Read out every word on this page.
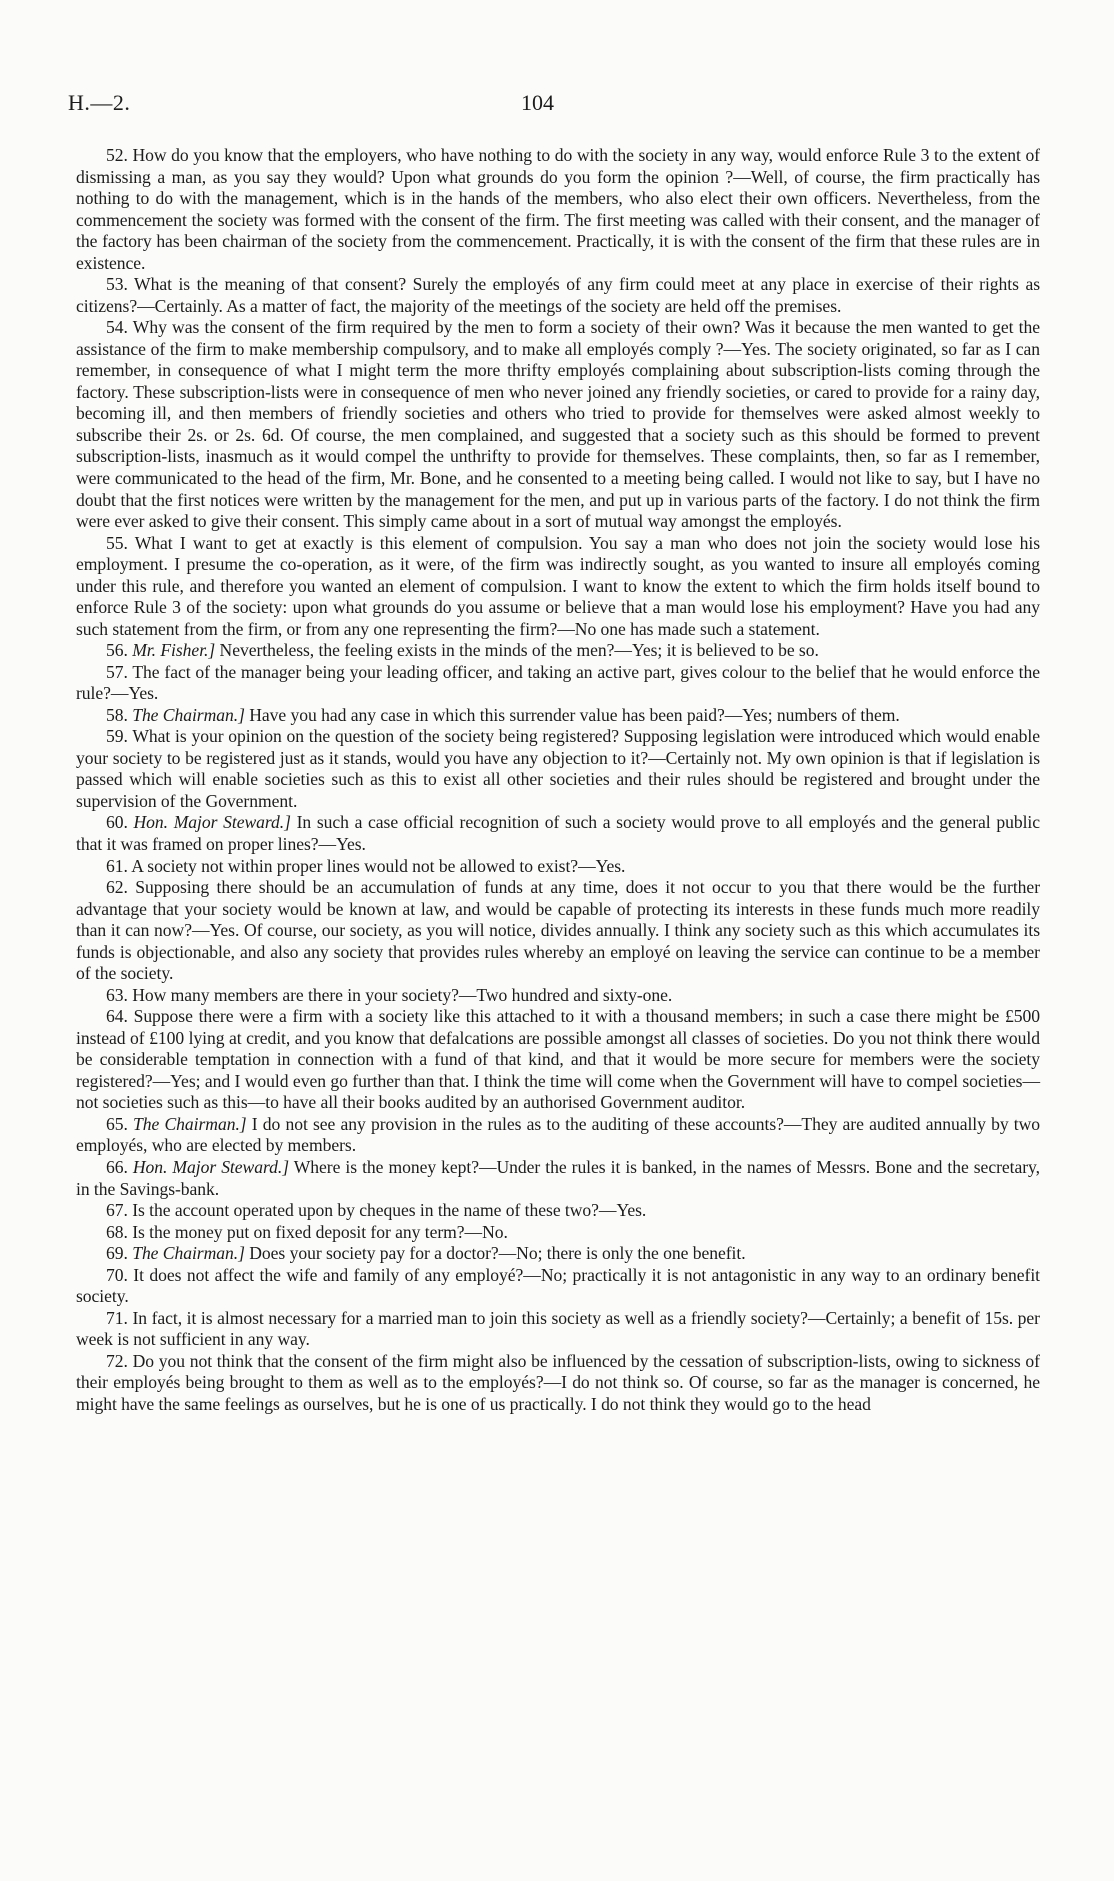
H.—2.	104

52. How do you know that the employers, who have nothing to do with the society in any way, would enforce Rule 3 to the extent of dismissing a man, as you say they would? Upon what grounds do you form the opinion ?—Well, of course, the firm practically has nothing to do with the management, which is in the hands of the members, who also elect their own officers. Nevertheless, from the commencement the society was formed with the consent of the firm. The first meeting was called with their consent, and the manager of the factory has been chairman of the society from the commencement. Practically, it is with the consent of the firm that these rules are in existence.

53. What is the meaning of that consent? Surely the employés of any firm could meet at any place in exercise of their rights as citizens?—Certainly. As a matter of fact, the majority of the meetings of the society are held off the premises.

54. Why was the consent of the firm required by the men to form a society of their own? Was it because the men wanted to get the assistance of the firm to make membership compulsory, and to make all employés comply ?—Yes. The society originated, so far as I can remember, in consequence of what I might term the more thrifty employés complaining about subscription-lists coming through the factory. These subscription-lists were in consequence of men who never joined any friendly societies, or cared to provide for a rainy day, becoming ill, and then members of friendly societies and others who tried to provide for themselves were asked almost weekly to subscribe their 2s. or 2s. 6d. Of course, the men complained, and suggested that a society such as this should be formed to prevent subscription-lists, inasmuch as it would compel the unthrifty to provide for themselves. These complaints, then, so far as I remember, were communicated to the head of the firm, Mr. Bone, and he consented to a meeting being called. I would not like to say, but I have no doubt that the first notices were written by the management for the men, and put up in various parts of the factory. I do not think the firm were ever asked to give their consent. This simply came about in a sort of mutual way amongst the employés.

55. What I want to get at exactly is this element of compulsion. You say a man who does not join the society would lose his employment. I presume the co-operation, as it were, of the firm was indirectly sought, as you wanted to insure all employés coming under this rule, and therefore you wanted an element of compulsion. I want to know the extent to which the firm holds itself bound to enforce Rule 3 of the society: upon what grounds do you assume or believe that a man would lose his employment? Have you had any such statement from the firm, or from any one representing the firm?—No one has made such a statement.

56. Mr. Fisher.] Nevertheless, the feeling exists in the minds of the men?—Yes; it is believed to be so.

57. The fact of the manager being your leading officer, and taking an active part, gives colour to the belief that he would enforce the rule?—Yes.

58. The Chairman.] Have you had any case in which this surrender value has been paid?—Yes; numbers of them.

59. What is your opinion on the question of the society being registered? Supposing legislation were introduced which would enable your society to be registered just as it stands, would you have any objection to it?—Certainly not. My own opinion is that if legislation is passed which will enable societies such as this to exist all other societies and their rules should be registered and brought under the supervision of the Government.

60. Hon. Major Steward.] In such a case official recognition of such a society would prove to all employés and the general public that it was framed on proper lines?—Yes.

61. A society not within proper lines would not be allowed to exist?—Yes.

62. Supposing there should be an accumulation of funds at any time, does it not occur to you that there would be the further advantage that your society would be known at law, and would be capable of protecting its interests in these funds much more readily than it can now?—Yes. Of course, our society, as you will notice, divides annually. I think any society such as this which accumulates its funds is objectionable, and also any society that provides rules whereby an employé on leaving the service can continue to be a member of the society.

63. How many members are there in your society?—Two hundred and sixty-one.

64. Suppose there were a firm with a society like this attached to it with a thousand members; in such a case there might be £500 instead of £100 lying at credit, and you know that defalcations are possible amongst all classes of societies. Do you not think there would be considerable temptation in connection with a fund of that kind, and that it would be more secure for members were the society registered?—Yes; and I would even go further than that. I think the time will come when the Government will have to compel societies—not societies such as this—to have all their books audited by an authorised Government auditor.

65. The Chairman.] I do not see any provision in the rules as to the auditing of these accounts?—They are audited annually by two employés, who are elected by members.

66. Hon. Major Steward.] Where is the money kept?—Under the rules it is banked, in the names of Messrs. Bone and the secretary, in the Savings-bank.

67. Is the account operated upon by cheques in the name of these two?—Yes.

68. Is the money put on fixed deposit for any term?—No.

69. The Chairman.] Does your society pay for a doctor?—No; there is only the one benefit.

70. It does not affect the wife and family of any employé?—No; practically it is not antagonistic in any way to an ordinary benefit society.

71. In fact, it is almost necessary for a married man to join this society as well as a friendly society?—Certainly; a benefit of 15s. per week is not sufficient in any way.

72. Do you not think that the consent of the firm might also be influenced by the cessation of subscription-lists, owing to sickness of their employés being brought to them as well as to the employés?—I do not think so. Of course, so far as the manager is concerned, he might have the same feelings as ourselves, but he is one of us practically. I do not think they would go to the head
